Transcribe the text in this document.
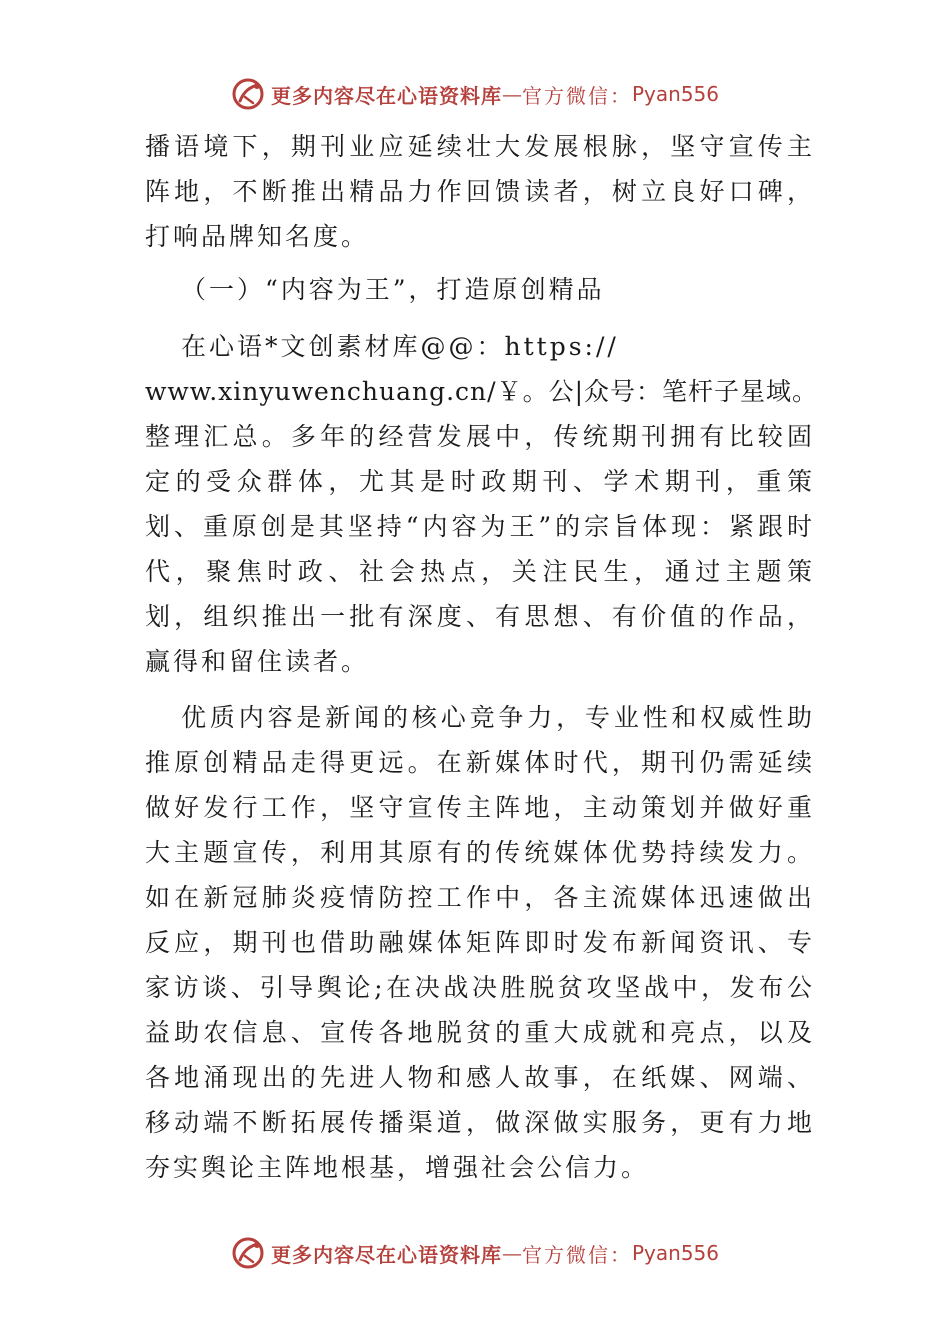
更多内容尽在心语资料库 — 官方微信： Pyan556

播语境下，期刊业应延续壮大发展根脉，坚守宣传主阵地，不断推出精品力作回馈读者，树立良好口碑，打响品牌知名度。

（一）“内容为王”，打造原创精品

在心语*文创素材库@@：https://
www.xinyuwenchuang.cn/￥。公|众号：笔杆子星域。
整理汇总。多年的经营发展中，传统期刊拥有比较固定的受众群体，尤其是时政期刊、学术期刊，重策划、重原创是其坚持“内容为王”的宗旨体现：紧跟时代，聚焦时政、社会热点，关注民生，通过主题策划，组织推出一批有深度、有思想、有价值的作品，赢得和留住读者。

优质内容是新闻的核心竞争力，专业性和权威性助推原创精品走得更远。在新媒体时代，期刊仍需延续做好发行工作，坚守宣传主阵地，主动策划并做好重大主题宣传，利用其原有的传统媒体优势持续发力。如在新冠肺炎疫情防控工作中，各主流媒体迅速做出反应，期刊也借助融媒体矩阵即时发布新闻资讯、专家访谈、引导舆论;在决战决胜脱贫攻坚战中，发布公益助农信息、宣传各地脱贫的重大成就和亮点，以及各地涌现出的先进人物和感人故事，在纸媒、网端、移动端不断拓展传播渠道，做深做实服务，更有力地夯实舆论主阵地根基，增强社会公信力。

更多内容尽在心语资料库 — 官方微信： Pyan556
